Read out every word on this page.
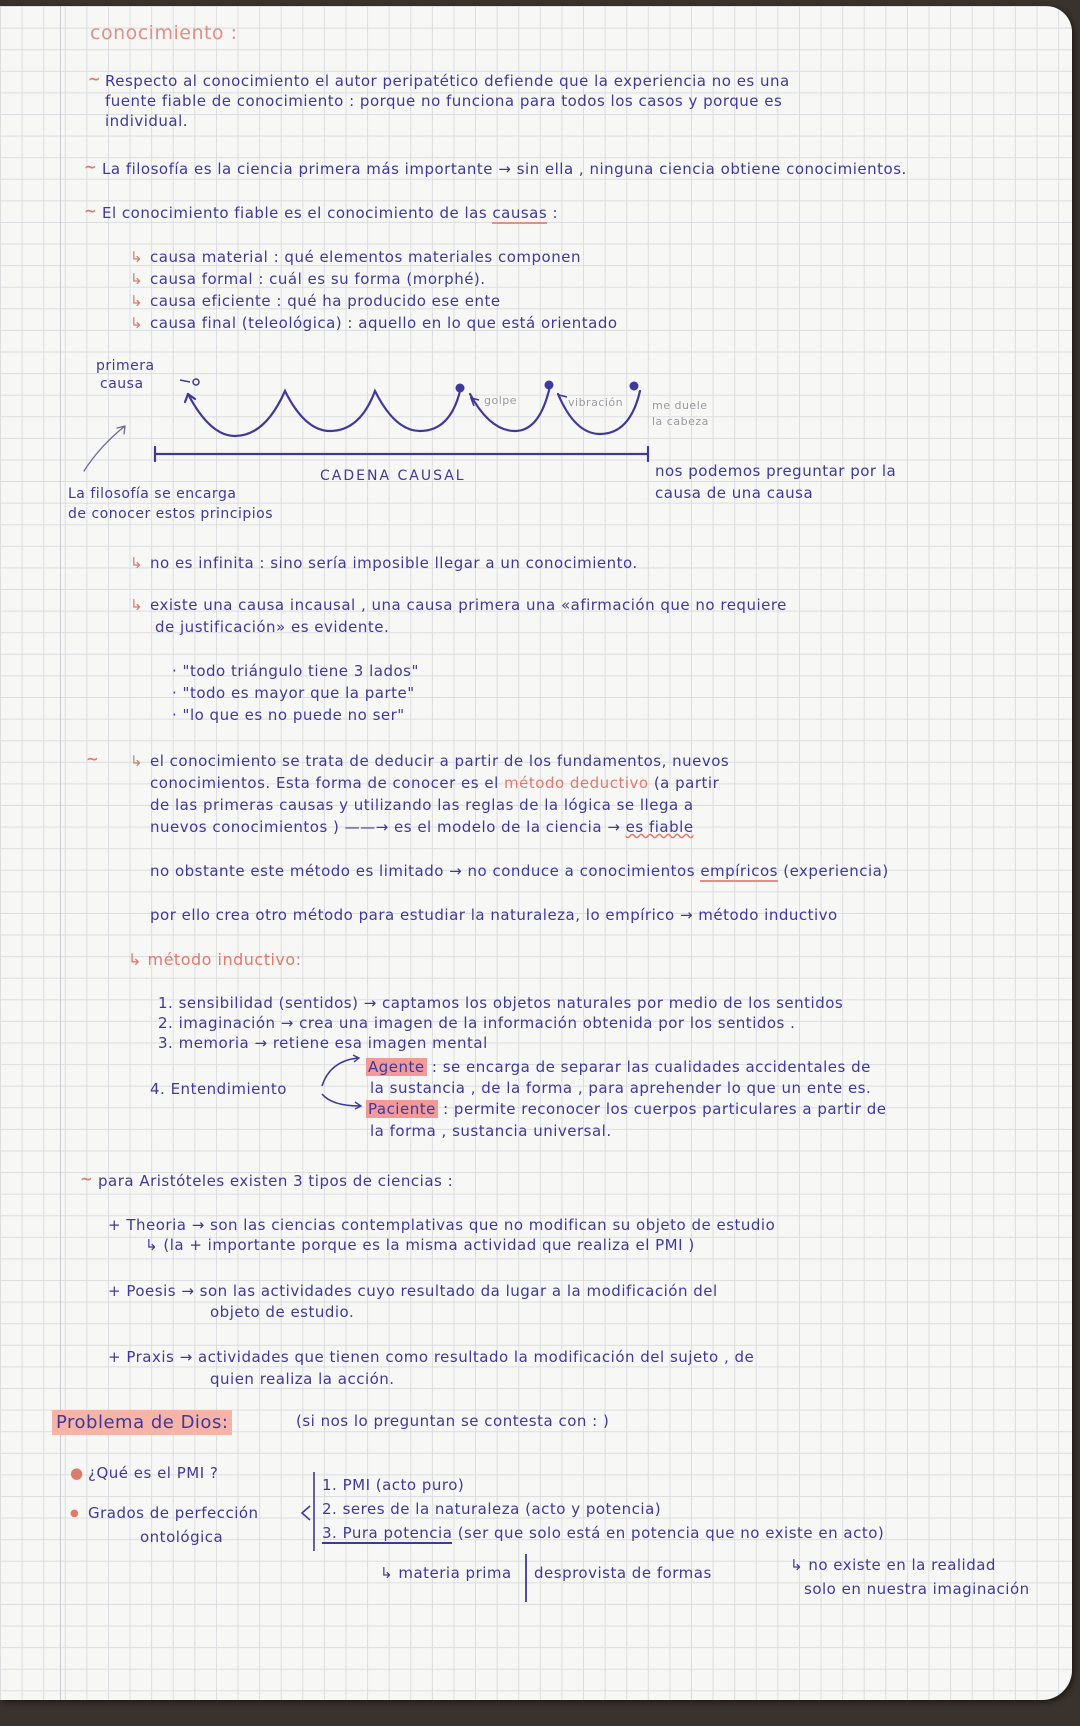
conocimiento :
~ Respecto al conocimiento el autor peripatético defiende que la experiencia no es una
fuente fiable de conocimiento : porque no funciona para todos los casos y porque es
individual.
~ La filosofía es la ciencia primera más importante → sin ella , ninguna ciencia obtiene conocimientos.
~ El conocimiento fiable es el conocimiento de las causas :
↳ causa material : qué elementos materiales componen
↳ causa formal : cuál es su forma (morphé).
↳ causa eficiente : qué ha producido ese ente
↳ causa final (teleológica) : aquello en lo que está orientado
primera
causa
golpe	vibración	me duele
la cabeza
CADENA CAUSAL	nos podemos preguntar por la
causa de una causa
La filosofía se encarga
de conocer estos principios
↳ no es infinita : sino sería imposible llegar a un conocimiento.
↳ existe una causa incausal , una causa primera una «afirmación que no requiere
de justificación» es evidente.
· "todo triángulo tiene 3 lados"
· "todo es mayor que la parte"
· "lo que es no puede no ser"
~ ↳ el conocimiento se trata de deducir a partir de los fundamentos, nuevos
conocimientos. Esta forma de conocer es el método deductivo (a partir
de las primeras causas y utilizando las reglas de la lógica se llega a
nuevos conocimientos ) ——→ es el modelo de la ciencia → es fiable
no obstante este método es limitado → no conduce a conocimientos empíricos (experiencia)
por ello crea otro método para estudiar la naturaleza, lo empírico → método inductivo
↳ método inductivo:
1. sensibilidad (sentidos) → captamos los objetos naturales por medio de los sentidos
2. imaginación → crea una imagen de la información obtenida por los sentidos .
3. memoria → retiene esa imagen mental
4. Entendimiento
Agente : se encarga de separar las cualidades accidentales de
la sustancia , de la forma , para aprehender lo que un ente es.
Paciente : permite reconocer los cuerpos particulares a partir de
la forma , sustancia universal.
~ para Aristóteles existen 3 tipos de ciencias :
+ Theoria → son las ciencias contemplativas que no modifican su objeto de estudio
↳ (la + importante porque es la misma actividad que realiza el PMI )
+ Poesis → son las actividades cuyo resultado da lugar a la modificación del
objeto de estudio.
+ Praxis → actividades que tienen como resultado la modificación del sujeto , de
quien realiza la acción.
Problema de Dios:	(si nos lo preguntan se contesta con : )
● ¿Qué es el PMI ?
● Grados de perfección
ontológica
1. PMI (acto puro)
2. seres de la naturaleza (acto y potencia)
3. Pura potencia (ser que solo está en potencia que no existe en acto)
↳ materia prima desprovista de formas	↳ no existe en la realidad
solo en nuestra imaginación
